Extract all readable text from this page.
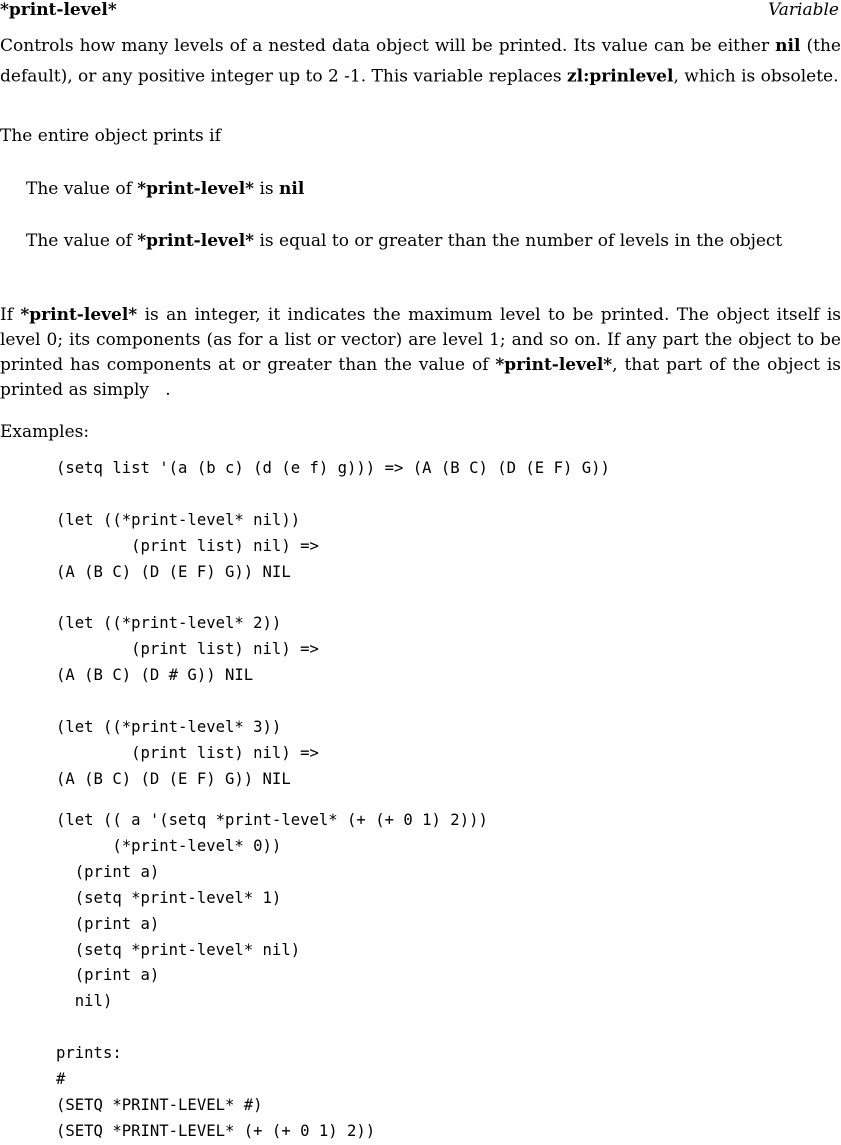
*print-level*	Variable

Controls how many levels of a nested data object will be printed. Its value can be either nil (the default), or any positive integer up to 2 -1. This variable replaces zl:prinlevel, which is obsolete.

The entire object prints if

The value of *print-level* is nil

The value of *print-level* is equal to or greater than the number of levels in the object

If *print-level* is an integer, it indicates the maximum level to be printed. The object itself is level 0; its components (as for a list or vector) are level 1; and so on. If any part the object to be printed has components at or greater than the value of *print-level*, that part of the object is printed as simply   .

Examples:

(setq list '(a (b c) (d (e f) g))) => (A (B C) (D (E F) G))

(let ((*print-level* nil))
(print list) nil) =>
(A (B C) (D (E F) G)) NIL

(let ((*print-level* 2))
(print list) nil) =>
(A (B C) (D # G)) NIL

(let ((*print-level* 3))
(print list) nil) =>
(A (B C) (D (E F) G)) NIL
(let (( a '(setq *print-level* (+ (+ 0 1) 2)))
(*print-level* 0))
(print a)
(setq *print-level* 1)
(print a)
(setq *print-level* nil)
(print a)
nil)

prints:
#
(SETQ *PRINT-LEVEL* #)
(SETQ *PRINT-LEVEL* (+ (+ 0 1) 2))
